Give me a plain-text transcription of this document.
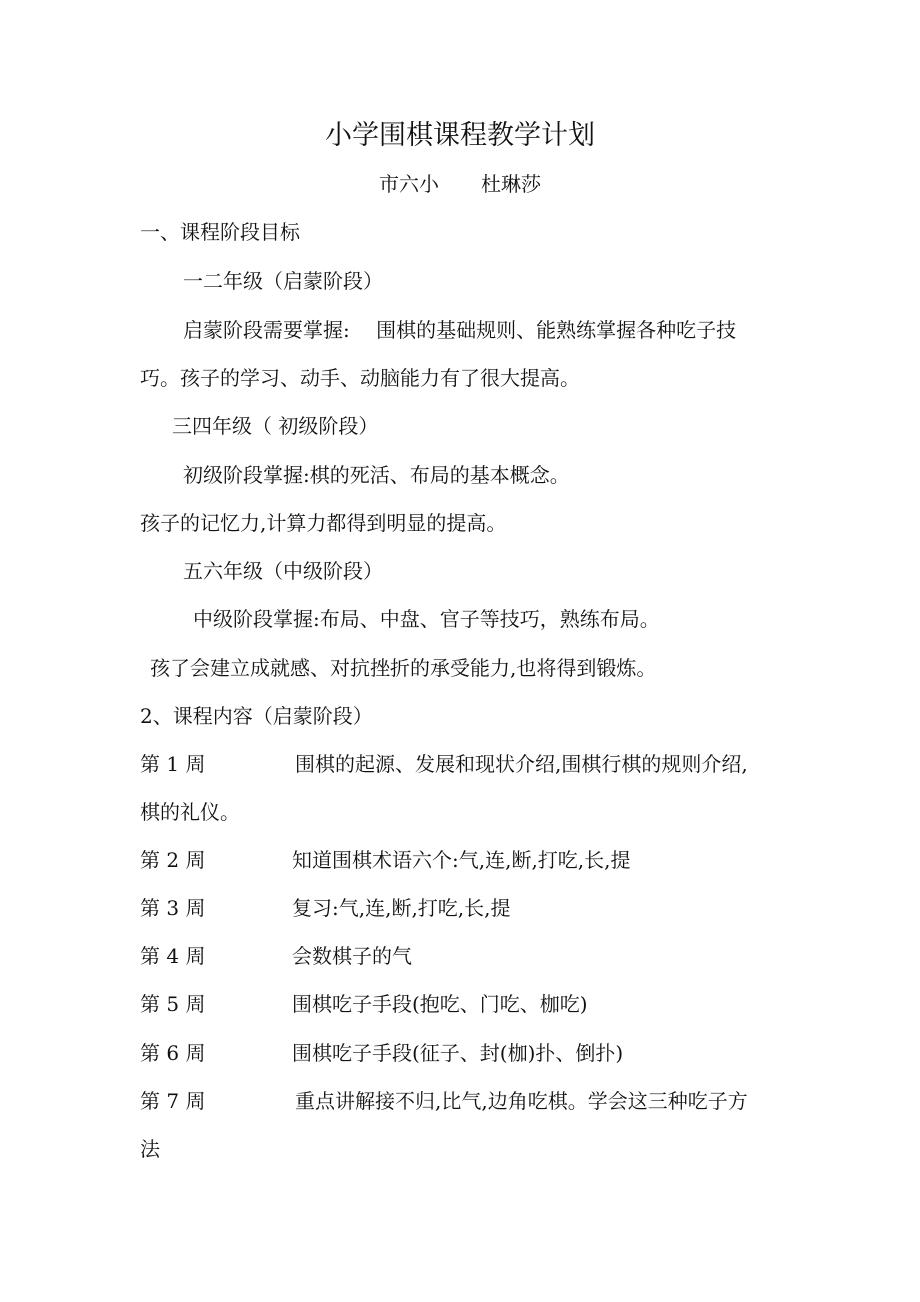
小学围棋课程教学计划
市六小 杜琳莎
一、课程阶段目标
一二年级（启蒙阶段）
启蒙阶段需要掌握:　 围棋的基础规则、能熟练掌握各种吃子技
巧。孩子的学习、动手、动脑能力有了很大提高。
三四年级（ 初级阶段）
初级阶段掌握:棋的死活、布局的基本概念。
孩子的记忆力,计算力都得到明显的提高。
五六年级（中级阶段）
中级阶段掌握:布局、中盘、官子等技巧，熟练布局。
孩了会建立成就感、对抗挫折的承受能力,也将得到锻炼。
2、课程内容（启蒙阶段）
第 1 周	围棋的起源、发展和现状介绍,围棋行棋的规则介绍,
棋的礼仪。
第 2 周	知道围棋术语六个:气,连,断,打吃,长,提
第 3 周	复习:气,连,断,打吃,长,提
第 4 周	会数棋子的气
第 5 周	围棋吃子手段(抱吃、门吃、枷吃)
第 6 周	围棋吃子手段(征子、封(枷)扑、倒扑)
第 7 周	重点讲解接不归,比气,边角吃棋。学会这三种吃子方
法
